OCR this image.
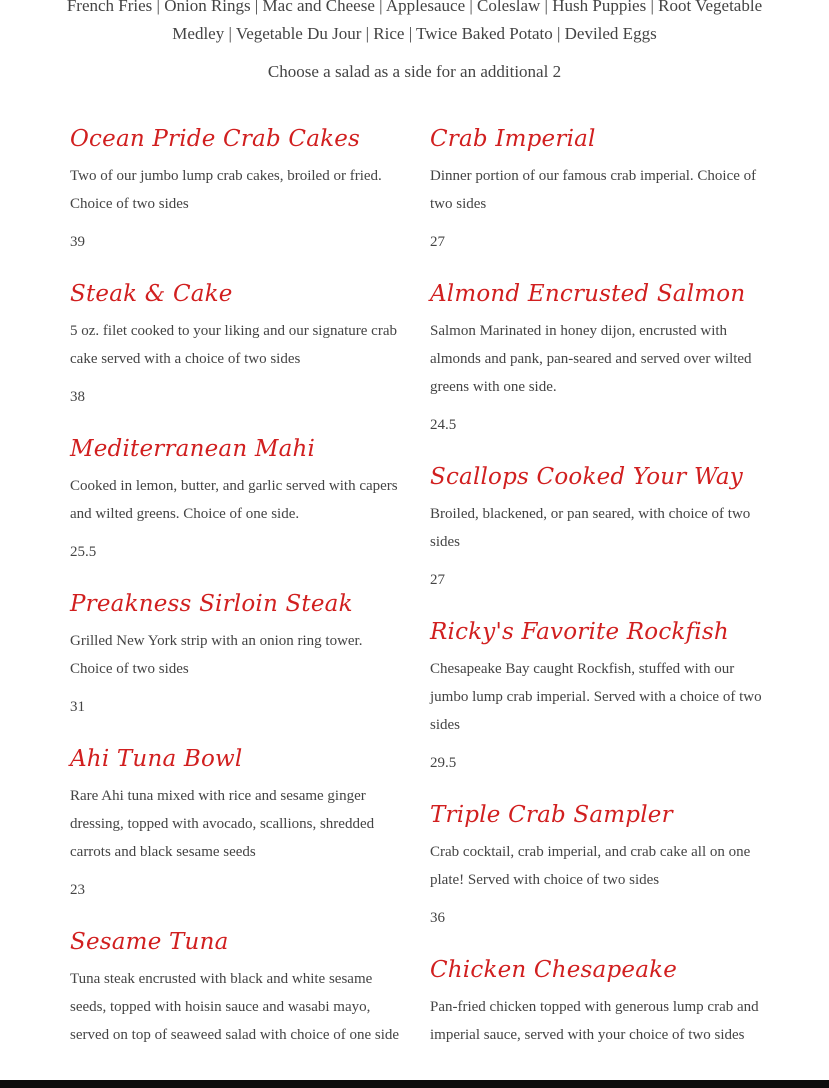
French Fries | Onion Rings | Mac and Cheese | Applesauce | Coleslaw | Hush Puppies | Root Vegetable
Medley | Vegetable Du Jour | Rice | Twice Baked Potato | Deviled Eggs
Choose a salad as a side for an additional 2
Ocean Pride Crab Cakes
Two of our jumbo lump crab cakes, broiled or fried. Choice of two sides
39
Steak & Cake
5 oz. filet cooked to your liking and our signature crab cake served with a choice of two sides
38
Mediterranean Mahi
Cooked in lemon, butter, and garlic served with capers and wilted greens. Choice of one side.
25.5
Preakness Sirloin Steak
Grilled New York strip with an onion ring tower. Choice of two sides
31
Ahi Tuna Bowl
Rare Ahi tuna mixed with rice and sesame ginger dressing, topped with avocado, scallions, shredded carrots and black sesame seeds
23
Sesame Tuna
Tuna steak encrusted with black and white sesame seeds, topped with hoisin sauce and wasabi mayo, served on top of seaweed salad with choice of one side
Crab Imperial
Dinner portion of our famous crab imperial. Choice of two sides
27
Almond Encrusted Salmon
Salmon Marinated in honey dijon, encrusted with almonds and pank, pan-seared and served over wilted greens with one side.
24.5
Scallops Cooked Your Way
Broiled, blackened, or pan seared, with choice of two sides
27
Ricky's Favorite Rockfish
Chesapeake Bay caught Rockfish, stuffed with our jumbo lump crab imperial. Served with a choice of two sides
29.5
Triple Crab Sampler
Crab cocktail, crab imperial, and crab cake all on one plate! Served with choice of two sides
36
Chicken Chesapeake
Pan-fried chicken topped with generous lump crab and imperial sauce, served with your choice of two sides
